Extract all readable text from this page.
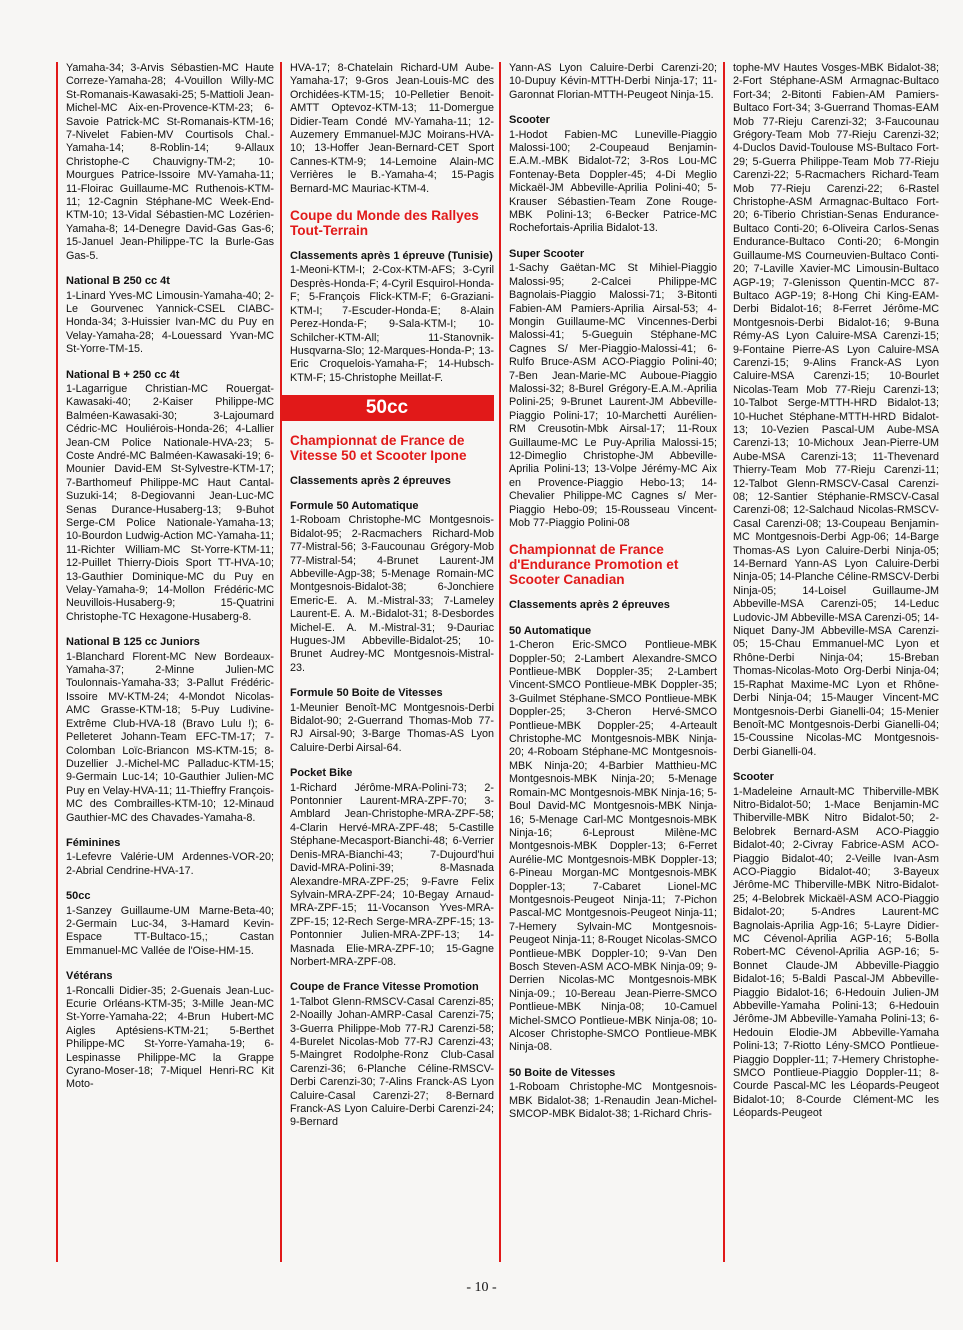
Yamaha-34; 3-Arvis Sébastien-MC Haute Correze-Yamaha-28; 4-Vouillon Willy-MC St-Romanais-Kawasaki-25; 5-Mattioli Jean-Michel-MC Aix-en-Provence-KTM-23; 6-Savoie Patrick-MC St-Romanais-KTM-16; 7-Nivelet Fabien-MV Courtisols Chal.-Yamaha-14; 8-Roblin-14; 9-Allaux Christophe-C Chauvigny-TM-2; 10-Mourgues Patrice-Issoire MV-Yamaha-11; 11-Floirac Guillaume-MC Ruthenois-KTM-11; 12-Cagnin Stéphane-MC Week-End-KTM-10; 13-Vidal Sébastien-MC Lozérien-Yamaha-8; 14-Denegre David-Gas Gas-6; 15-Januel Jean-Philippe-TC la Burle-Gas Gas-5.

National B 250 cc 4t

1-Linard Yves-MC Limousin-Yamaha-40; 2-Le Gourvenec Yannick-CSEL CIABC-Honda-34; 3-Huissier Ivan-MC du Puy en Velay-Yamaha-28; 4-Louessard Yvan-MC St-Yorre-TM-15.

National B + 250 cc 4t

1-Lagarrigue Christian-MC Rouergat-Kawasaki-40; 2-Kaiser Philippe-MC Balméen-Kawasaki-30; 3-Lajoumard Cédric-MC Houliérois-Honda-26; 4-Lallier Jean-CM Police Nationale-HVA-23; 5-Coste André-MC Balméen-Kawasaki-19; 6-Mounier David-EM St-Sylvestre-KTM-17; 7-Barthomeuf Philippe-MC Haut Cantal-Suzuki-14; 8-Degiovanni Jean-Luc-MC Senas Durance-Husaberg-13; 9-Buhot Serge-CM Police Nationale-Yamaha-13; 10-Bourdon Ludwig-Action MC-Yamaha-11; 11-Richter William-MC St-Yorre-KTM-11; 12-Puillet Thierry-Diois Sport TT-HVA-10; 13-Gauthier Dominique-MC du Puy en Velay-Yamaha-9; 14-Mollon Frédéric-MC Neuvillois-Husaberg-9; 15-Quatrini Christophe-TC Hexagone-Husaberg-8.

National B 125 cc Juniors

1-Blanchard Florent-MC New Bordeaux-Yamaha-37; 2-Minne Julien-MC Toulonnais-Yamaha-33; 3-Pallut Frédéric-Issoire MV-KTM-24; 4-Mondot Nicolas-AMC Grasse-KTM-18; 5-Puy Ludivine-Extrême Club-HVA-18 (Bravo Lulu !); 6-Pelleteret Johann-Team EFC-TM-17; 7-Colomban Loïc-Briancon MS-KTM-15; 8-Duzellier J.-Michel-MC Palladuc-KTM-15; 9-Germain Luc-14; 10-Gauthier Julien-MC Puy en Velay-HVA-11; 11-Thieffry François-MC des Combrailles-KTM-10; 12-Minaud Gauthier-MC des Chavades-Yamaha-8.

Féminines

1-Lefevre Valérie-UM Ardennes-VOR-20; 2-Abrial Cendrine-HVA-17.

50cc

1-Sanzey Guillaume-UM Marne-Beta-40; 2-Germain Luc-34, 3-Hamard Kevin-Espace TT-Bultaco-15,; Castan Emmanuel-MC Vallée de l'Oise-HM-15.

Vétérans

1-Roncalli Didier-35; 2-Guenais Jean-Luc-Ecurie Orléans-KTM-35; 3-Mille Jean-MC St-Yorre-Yamaha-22; 4-Brun Hubert-MC Aigles Aptésiens-KTM-21; 5-Berthet Philippe-MC St-Yorre-Yamaha-19; 6-Lespinasse Philippe-MC la Grappe Cyrano-Moser-18; 7-Miquel Henri-RC Kit Moto-

HVA-17; 8-Chatelain Richard-UM Aube-Yamaha-17; 9-Gros Jean-Louis-MC des Orchidées-KTM-15; 10-Pelletier Benoit-AMTT Optevoz-KTM-13; 11-Domergue Didier-Team Condé MV-Yamaha-11; 12-Auzemery Emmanuel-MJC Moirans-HVA-10; 13-Hoffer Jean-Bernard-CET Sport Cannes-KTM-9; 14-Lemoine Alain-MC Verrières le B.-Yamaha-4; 15-Pagis Bernard-MC Mauriac-KTM-4.

Coupe du Monde des Rallyes Tout-Terrain
Classements après 1 épreuve (Tunisie)

1-Meoni-KTM-I; 2-Cox-KTM-AFS; 3-Cyril Desprès-Honda-F; 4-Cyril Esquirol-Honda-F; 5-François Flick-KTM-F; 6-Graziani-KTM-I; 7-Escuder-Honda-E; 8-Alain Perez-Honda-F; 9-Sala-KTM-I; 10-Schilcher-KTM-All; 11-Stanovnik-Husqvarna-Slo; 12-Marques-Honda-P; 13-Eric Croquelois-Yamaha-F; 14-Hubsch-KTM-F; 15-Christophe Meillat-F.

50cc
Championnat de France de Vitesse 50 et Scooter Ipone
Classements après 2 épreuves
Formule 50 Automatique

1-Roboam Christophe-MC Montgesnois-Bidalot-95; 2-Racmachers Richard-Mob 77-Mistral-56; 3-Faucounau Grégory-Mob 77-Mistral-54; 4-Brunet Laurent-JM Abbeville-Agp-38; 5-Menage Romain-MC Montgesnois-Bidalot-38; 6-Jonchiere Emeric-E. A. M.-Mistral-33; 7-Lameley Laurent-E. A. M.-Bidalot-31; 8-Desbordes Michel-E. A. M.-Mistral-31; 9-Dauriac Hugues-JM Abbeville-Bidalot-25; 10-Brunet Audrey-MC Montgesnois-Mistral-23.

Formule 50 Boite de Vitesses

1-Meunier Benoît-MC Montgesnois-Derbi Bidalot-90; 2-Guerrand Thomas-Mob 77-RJ Airsal-90; 3-Barge Thomas-AS Lyon Caluire-Derbi Airsal-64.

Pocket Bike

1-Richard Jérôme-MRA-Polini-73; 2-Pontonnier Laurent-MRA-ZPF-70; 3-Amblard Jean-Christophe-MRA-ZPF-58; 4-Clarin Hervé-MRA-ZPF-48; 5-Castille Stéphane-Mecasport-Bianchi-48; 6-Verrier Denis-MRA-Bianchi-43; 7-Dujourd'hui David-MRA-Polini-39; 8-Masnada Alexandre-MRA-ZPF-25; 9-Favre Felix Sylvain-MRA-ZPF-24; 10-Begay Arnaud-MRA-ZPF-15; 11-Vocanson Yves-MRA-ZPF-15; 12-Rech Serge-MRA-ZPF-15; 13-Pontonnier Julien-MRA-ZPF-13; 14-Masnada Elie-MRA-ZPF-10; 15-Gagne Norbert-MRA-ZPF-08.

Coupe de France Vitesse Promotion

1-Talbot Glenn-RMSCV-Casal Carenzi-85; 2-Noailly Johan-AMRP-Casal Carenzi-75; 3-Guerra Philippe-Mob 77-RJ Carenzi-58; 4-Burelet Nicolas-Mob 77-RJ Carenzi-43; 5-Maingret Rodolphe-Ronz Club-Casal Carenzi-36; 6-Planche Céline-RMSCV-Derbi Carenzi-30; 7-Alins Franck-AS Lyon Caluire-Casal Carenzi-27; 8-Bernard Franck-AS Lyon Caluire-Derbi Carenzi-24; 9-Bernard

Yann-AS Lyon Caluire-Derbi Carenzi-20; 10-Dupuy Kévin-MTTH-Derbi Ninja-17; 11-Garonnat Florian-MTTH-Peugeot Ninja-15.

Scooter

1-Hodot Fabien-MC Luneville-Piaggio Malossi-100; 2-Coupeaud Benjamin-E.A.M.-MBK Bidalot-72; 3-Ros Lou-MC Fontenay-Beta Doppler-45; 4-Di Meglio Mickaël-JM Abbeville-Aprilia Polini-40; 5-Krauser Sébastien-Team Zone Rouge-MBK Polini-13; 6-Becker Patrice-MC Rochefortais-Aprilia Bidalot-13.

Super Scooter

1-Sachy Gaëtan-MC St Mihiel-Piaggio Malossi-95; 2-Calcei Philippe-MC Bagnolais-Piaggio Malossi-71; 3-Bitonti Fabien-AM Pamiers-Aprilia Airsal-53; 4-Mongin Guillaume-MC Vincennes-Derbi Malossi-41; 5-Gueguin Stéphane-MC Cagnes S/ Mer-Piaggio-Malossi-41; 6-Rulfo Bruce-ASM ACO-Piaggio Polini-40; 7-Ben Jean-Marie-MC Auboue-Piaggio Malossi-32; 8-Burel Grégory-E.A.M.-Aprilia Polini-25; 9-Brunet Laurent-JM Abbeville-Piaggio Polini-17; 10-Marchetti Aurélien-RM Creusotin-Mbk Airsal-17; 11-Roux Guillaume-MC Le Puy-Aprilia Malossi-15; 12-Dimeglio Christophe-JM Abbeville-Aprilia Polini-13; 13-Volpe Jérémy-MC Aix en Provence-Piaggio Hebo-13; 14-Chevalier Philippe-MC Cagnes s/ Mer-Piaggio Hebo-09; 15-Rousseau Vincent-Mob 77-Piaggio Polini-08

Championnat de France d'Endurance Promotion et Scooter Canadian
Classements après 2 épreuves
50 Automatique

1-Cheron Eric-SMCO Pontlieue-MBK Doppler-50; 2-Lambert Alexandre-SMCO Pontlieue-MBK Doppler-35; 2-Lambert Vincent-SMCO Pontlieue-MBK Doppler-35; 3-Guilmet Stéphane-SMCO Pontlieue-MBK Doppler-25; 3-Cheron Hervé-SMCO Pontlieue-MBK Doppler-25; 4-Arteault Christophe-MC Montgesnois-MBK Ninja-20; 4-Roboam Stéphane-MC Montgesnois-MBK Ninja-20; 4-Barbier Matthieu-MC Montgesnois-MBK Ninja-20; 5-Menage Romain-MC Montgesnois-MBK Ninja-16; 5-Boul David-MC Montgesnois-MBK Ninja-16; 5-Menage Carl-MC Montgesnois-MBK Ninja-16; 6-Leproust Milène-MC Montgesnois-MBK Doppler-13; 6-Ferret Aurélie-MC Montgesnois-MBK Doppler-13; 6-Pineau Morgan-MC Montgesnois-MBK Doppler-13; 7-Cabaret Lionel-MC Montgesnois-Peugeot Ninja-11; 7-Pichon Pascal-MC Montgesnois-Peugeot Ninja-11; 7-Hemery Sylvain-MC Montgesnois-Peugeot Ninja-11; 8-Rouget Nicolas-SMCO Pontlieue-MBK Doppler-10; 9-Van Den Bosch Steven-ASM ACO-MBK Ninja-09; 9-Derrien Nicolas-MC Montgesnois-MBK Ninja-09.; 10-Bereau Jean-Pierre-SMCO Pontlieue-MBK Ninja-08; 10-Camuel Michel-SMCO Pontlieue-MBK Ninja-08; 10-Alcoser Christophe-SMCO Pontlieue-MBK Ninja-08.

50 Boite de Vitesses

1-Roboam Christophe-MC Montgesnois-MBK Bidalot-38; 1-Renaudin Jean-Michel-SMCOP-MBK Bidalot-38; 1-Richard Chris-

tophe-MV Hautes Vosges-MBK Bidalot-38; 2-Fort Stéphane-ASM Armagnac-Bultaco Fort-34; 2-Bitonti Fabien-AM Pamiers-Bultaco Fort-34; 3-Guerrand Thomas-EAM Mob 77-Rieju Carenzi-32; 3-Faucounau Grégory-Team Mob 77-Rieju Carenzi-32; 4-Duclos David-Toulouse MS-Bultaco Fort-29; 5-Guerra Philippe-Team Mob 77-Rieju Carenzi-22; 5-Racmachers Richard-Team Mob 77-Rieju Carenzi-22; 6-Rastel Christophe-ASM Armagnac-Bultaco Fort-20; 6-Tiberio Christian-Senas Endurance-Bultaco Conti-20; 6-Oliveira Carlos-Senas Endurance-Bultaco Conti-20; 6-Mongin Guillaume-MS Courneuvien-Bultaco Conti-20; 7-Laville Xavier-MC Limousin-Bultaco AGP-19; 7-Glenisson Quentin-MCC 87-Bultaco AGP-19; 8-Hong Chi King-EAM-Derbi Bidalot-16; 8-Ferret Jérôme-MC Montgesnois-Derbi Bidalot-16; 9-Buna Rémy-AS Lyon Caluire-MSA Carenzi-15; 9-Fontaine Pierre-AS Lyon Caluire-MSA Carenzi-15; 9-Alins Franck-AS Lyon Caluire-MSA Carenzi-15; 10-Bourlet Nicolas-Team Mob 77-Rieju Carenzi-13; 10-Talbot Serge-MTTH-HRD Bidalot-13; 10-Huchet Stéphane-MTTH-HRD Bidalot-13; 10-Vezien Pascal-UM Aube-MSA Carenzi-13; 10-Michoux Jean-Pierre-UM Aube-MSA Carenzi-13; 11-Thevenard Thierry-Team Mob 77-Rieju Carenzi-11; 12-Talbot Glenn-RMSCV-Casal Carenzi-08; 12-Santier Stéphanie-RMSCV-Casal Carenzi-08; 12-Salchaud Nicolas-RMSCV-Casal Carenzi-08; 13-Coupeau Benjamin-MC Montgesnois-Derbi Agp-06; 14-Barge Thomas-AS Lyon Caluire-Derbi Ninja-05; 14-Bernard Yann-AS Lyon Caluire-Derbi Ninja-05; 14-Planche Céline-RMSCV-Derbi Ninja-05; 14-Loisel Guillaume-JM Abbeville-MSA Carenzi-05; 14-Leduc Ludovic-JM Abbeville-MSA Carenzi-05; 14-Niquet Dany-JM Abbeville-MSA Carenzi-05; 15-Chau Emmanuel-MC Lyon et Rhône-Derbi Ninja-04; 15-Breban Thomas-Nicolas-Moto Org-Derbi Ninja-04; 15-Raphat Maxime-MC Lyon et Rhône-Derbi Ninja-04; 15-Mauger Vincent-MC Montgesnois-Derbi Gianelli-04; 15-Menier Benoît-MC Montgesnois-Derbi Gianelli-04; 15-Coussine Nicolas-MC Montgesnois-Derbi Gianelli-04.

Scooter

1-Madeleine Arnault-MC Thiberville-MBK Nitro-Bidalot-50; 1-Mace Benjamin-MC Thiberville-MBK Nitro Bidalot-50; 2-Belobrek Bernard-ASM ACO-Piaggio Bidalot-40; 2-Civray Fabrice-ASM ACO-Piaggio Bidalot-40; 2-Veille Ivan-Asm ACO-Piaggio Bidalot-40; 3-Bayeux Jérôme-MC Thiberville-MBK Nitro-Bidalot-25; 4-Belobrek Mickaël-ASM ACO-Piaggio Bidalot-20; 5-Andres Laurent-MC Bagnolais-Aprilia Agp-16; 5-Layre Didier-MC Cévenol-Aprilia AGP-16; 5-Bolla Robert-MC Cévenol-Aprilia AGP-16; 5-Bonnet Claude-JM Abbeville-Piaggio Bidalot-16; 5-Baldi Pascal-JM Abbeville-Piaggio Bidalot-16; 6-Hedouin Julien-JM Abbeville-Yamaha Polini-13; 6-Hedouin Jérôme-JM Abbeville-Yamaha Polini-13; 6-Hedouin Elodie-JM Abbeville-Yamaha Polini-13; 7-Riotto Lény-SMCO Pontlieue-Piaggio Doppler-11; 7-Hemery Christophe-SMCO Pontlieue-Piaggio Doppler-11; 8-Courde Pascal-MC les Léopards-Peugeot Bidalot-10; 8-Courde Clément-MC les Léopards-Peugeot

- 10 -
